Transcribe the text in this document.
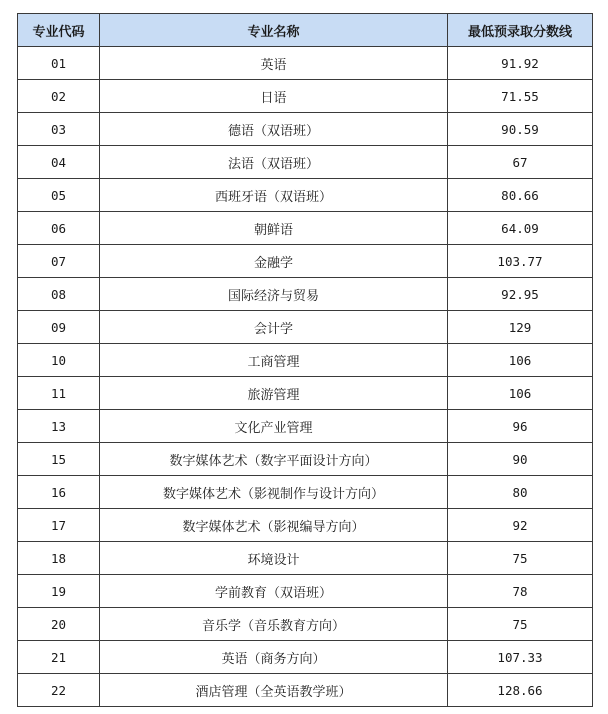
专业代码	专业名称	最低预录取分数线
01	英语	91.92
02	日语	71.55
03	德语（双语班）	90.59
04	法语（双语班）	67
05	西班牙语（双语班）	80.66
06	朝鲜语	64.09
07	金融学	103.77
08	国际经济与贸易	92.95
09	会计学	129
10	工商管理	106
11	旅游管理	106
13	文化产业管理	96
15	数字媒体艺术（数字平面设计方向）	90
16	数字媒体艺术（影视制作与设计方向）	80
17	数字媒体艺术（影视编导方向）	92
18	环境设计	75
19	学前教育（双语班）	78
20	音乐学（音乐教育方向）	75
21	英语（商务方向）	107.33
22	酒店管理（全英语教学班）	128.66
